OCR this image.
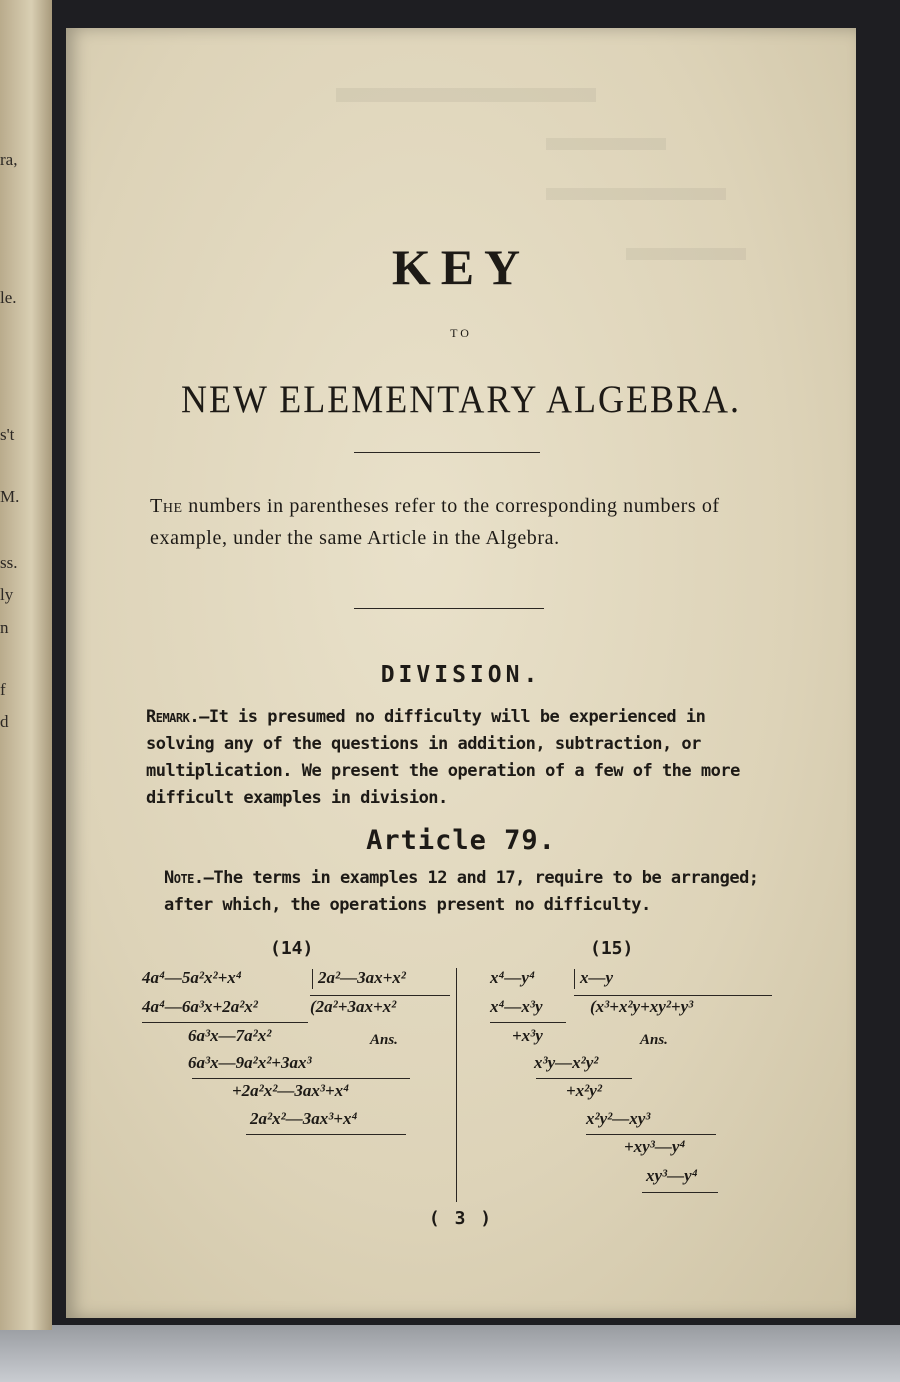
ra,
le.
s't
M.
ss.
ly
n
f
d
KEY
TO
NEW ELEMENTARY ALGEBRA.
The numbers in parentheses refer to the corresponding numbers of example, under the same Article in the Algebra.
DIVISION.
Remark.—It is presumed no difficulty will be experienced in solving any of the questions in addition, subtraction, or multiplication. We present the operation of a few of the more difficult examples in division.
Article 79.
Note.—The terms in examples 12 and 17, require to be arranged; after which, the operations present no difficulty.
(14)
4a⁴—5a²x²+x⁴	2a²—3ax+x²
4a⁴—6a³x+2a²x²	(2a²+3ax+x²
6a³x—7a²x²	Ans.
6a³x—9a²x²+3ax³
+2a²x²—3ax³+x⁴
2a²x²—3ax³+x⁴
(15)
x⁴—y⁴	x—y
x⁴—x³y	(x³+x²y+xy²+y³
+x³y	Ans.
x³y—x²y²
+x²y²
x²y²—xy³
+xy³—y⁴
xy³—y⁴
( 3 )
